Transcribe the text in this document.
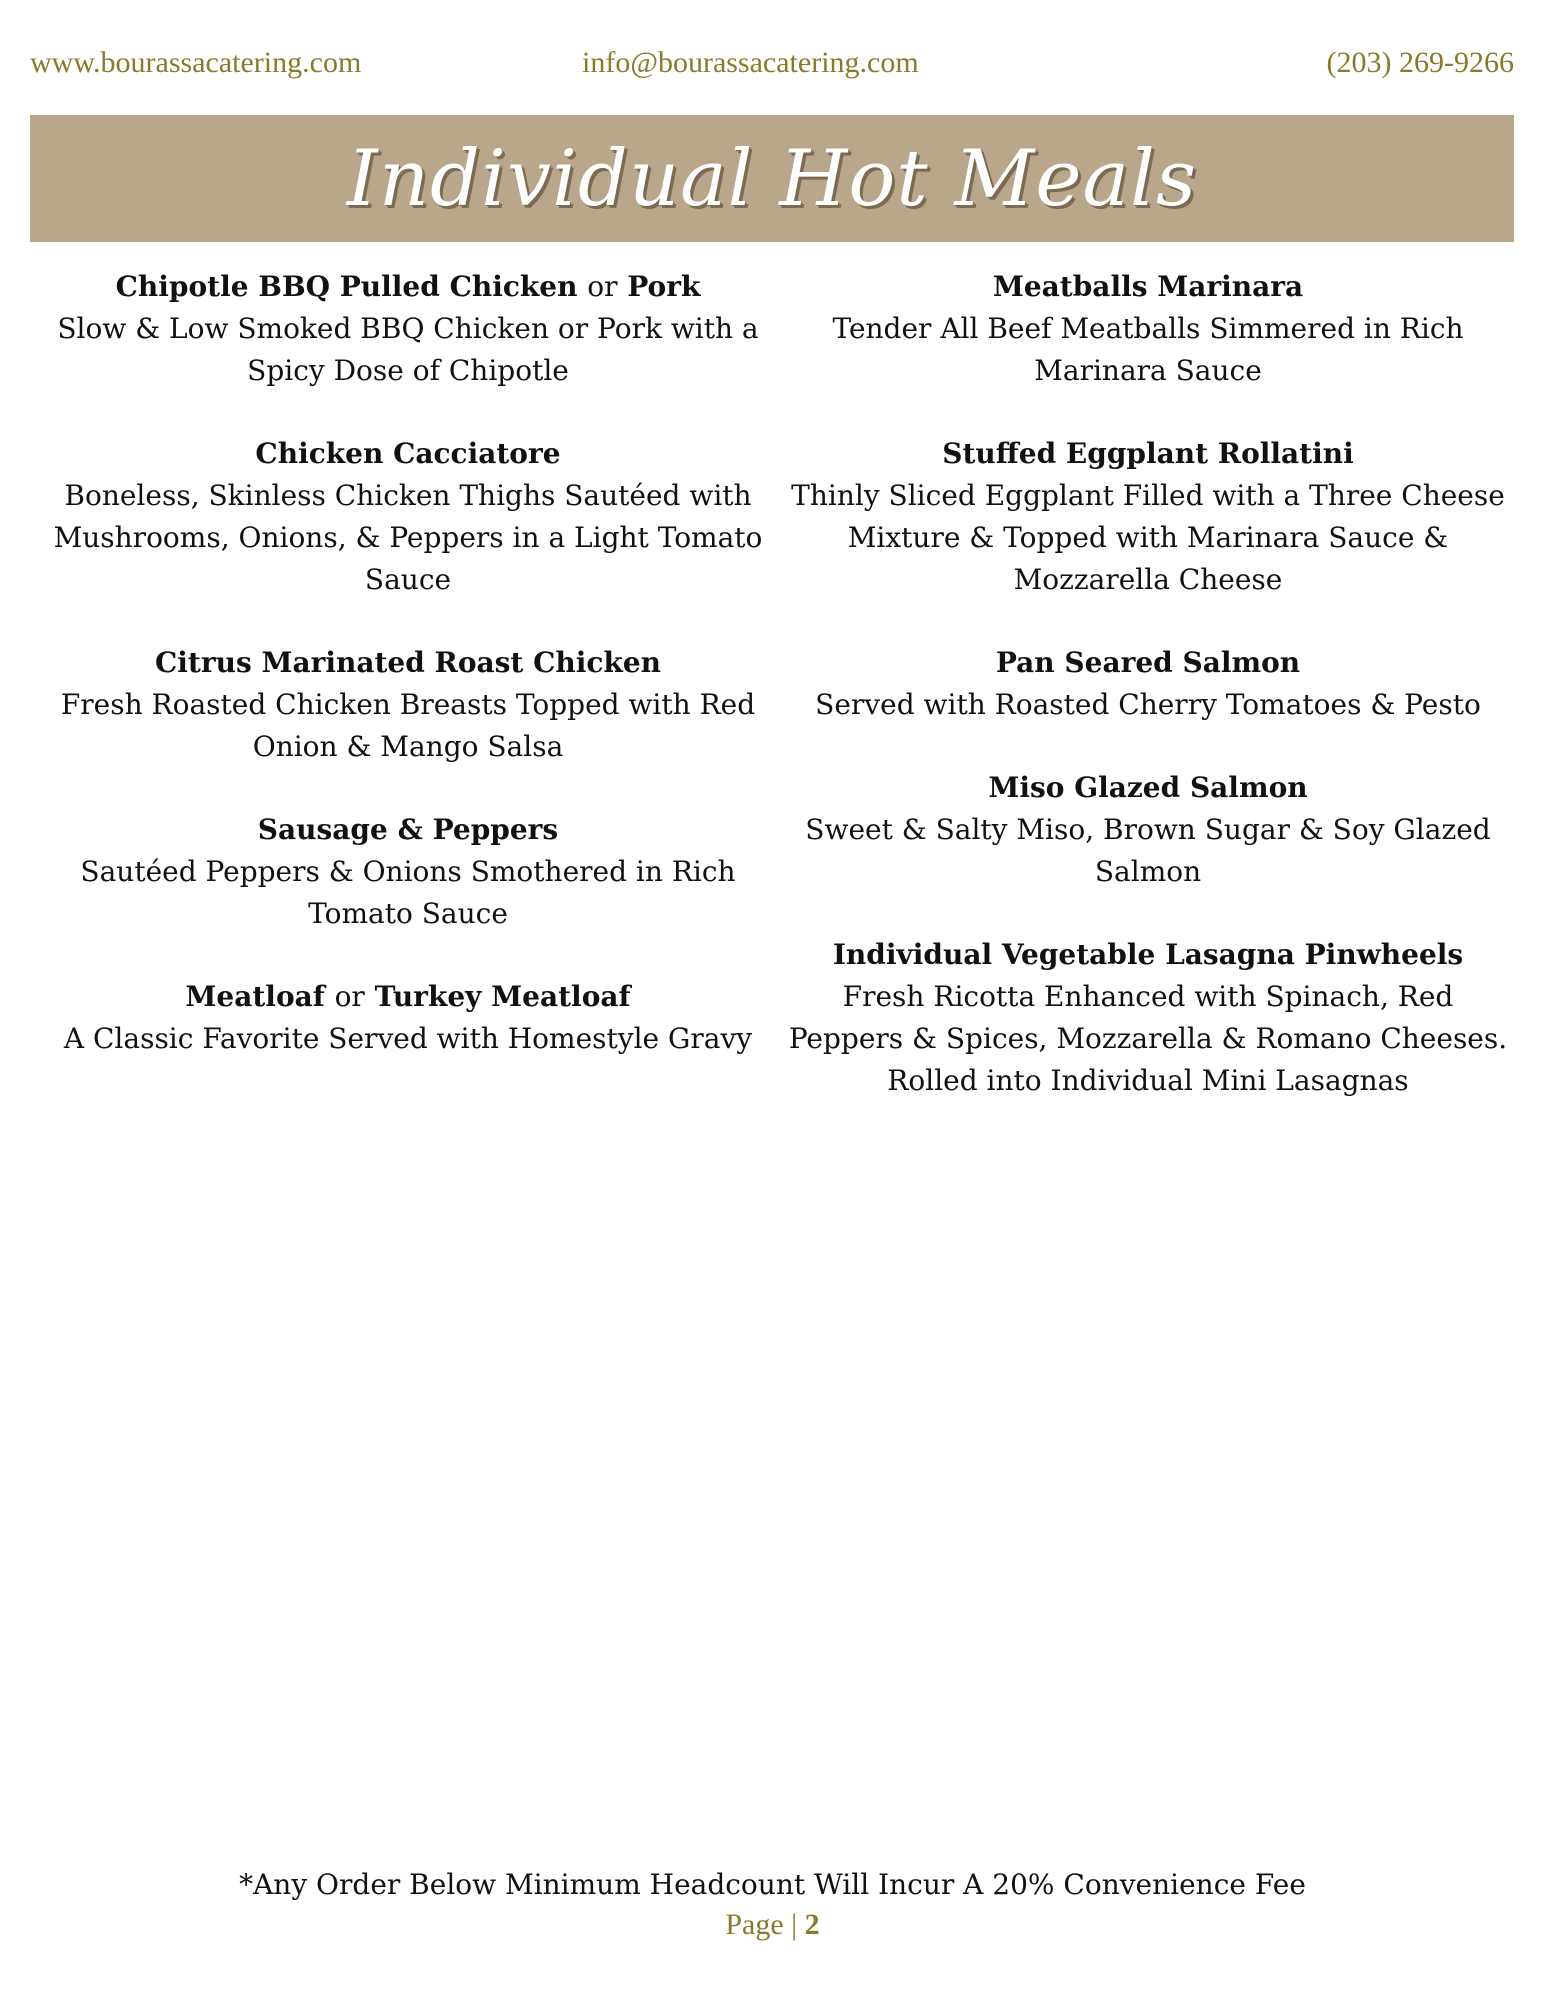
www.bourassacatering.com	info@bourassacatering.com	(203) 269-9266
Individual Hot Meals
Chipotle BBQ Pulled Chicken or Pork
Slow & Low Smoked BBQ Chicken or Pork with a Spicy Dose of Chipotle
Chicken Cacciatore
Boneless, Skinless Chicken Thighs Sautéed with Mushrooms, Onions, & Peppers in a Light Tomato Sauce
Citrus Marinated Roast Chicken
Fresh Roasted Chicken Breasts Topped with Red Onion & Mango Salsa
Sausage & Peppers
Sautéed Peppers & Onions Smothered in Rich Tomato Sauce
Meatloaf or Turkey Meatloaf
A Classic Favorite Served with Homestyle Gravy
Meatballs Marinara
Tender All Beef Meatballs Simmered in Rich Marinara Sauce
Stuffed Eggplant Rollatini
Thinly Sliced Eggplant Filled with a Three Cheese Mixture & Topped with Marinara Sauce & Mozzarella Cheese
Pan Seared Salmon
Served with Roasted Cherry Tomatoes & Pesto
Miso Glazed Salmon
Sweet & Salty Miso, Brown Sugar & Soy Glazed Salmon
Individual Vegetable Lasagna Pinwheels
Fresh Ricotta Enhanced with Spinach, Red Peppers & Spices, Mozzarella & Romano Cheeses. Rolled into Individual Mini Lasagnas
*Any Order Below Minimum Headcount Will Incur A 20% Convenience Fee
Page | 2
